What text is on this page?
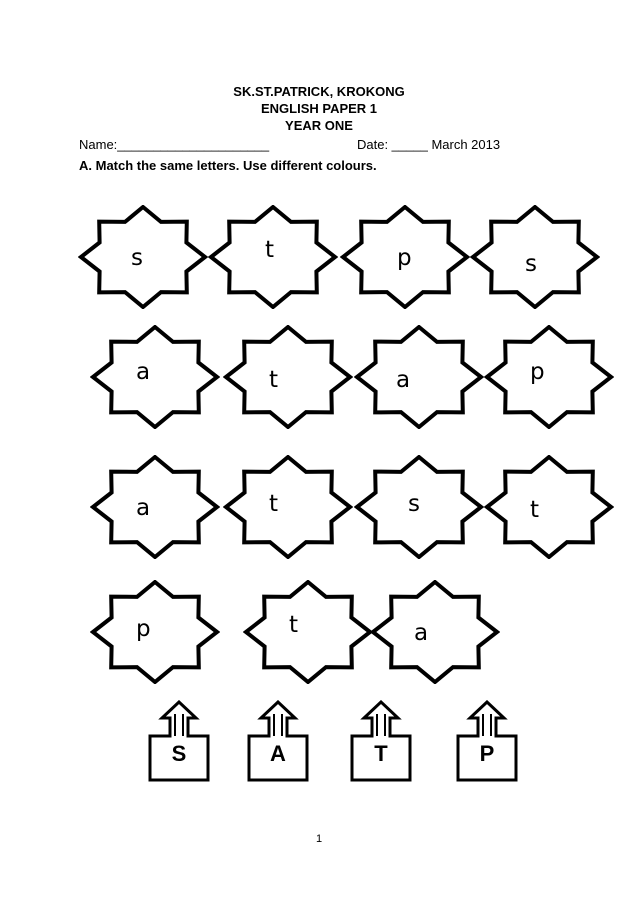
SK.ST.PATRICK, KROKONG
ENGLISH PAPER 1
YEAR ONE
Name:_____________________	Date: _____ March 2013
A. Match the same letters. Use different colours.
s	t	p	s
a	t	a	p
a	t	s	t
p	t	a
S	A	T	P
1
